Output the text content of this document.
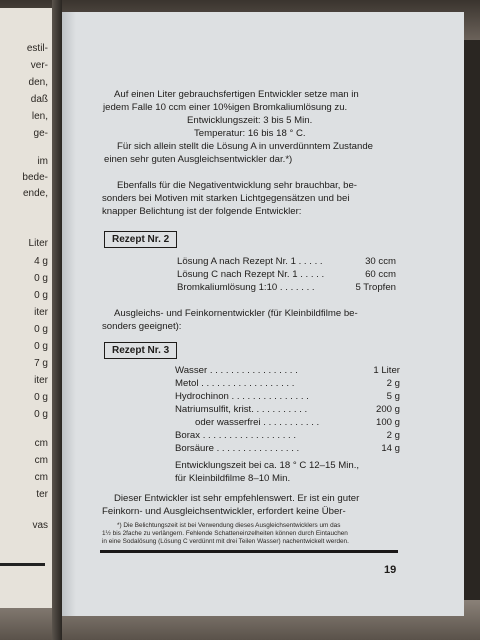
estil-
ver-
den,
daß
len,
ge-
im
bede-
ende,
Liter
4 g
0 g
0 g
iter
0 g
0 g
7 g
iter
0 g
0 g
cm
cm
cm
ter
vas
Auf einen Liter gebrauchsfertigen Entwickler setze man in
jedem Falle 10 ccm einer 10%igen Bromkaliumlösung zu.
Entwicklungszeit: 3 bis 5 Min.
Temperatur: 16 bis 18 ° C.
Für sich allein stellt die Lösung A in unverdünntem Zustande
einen sehr guten Ausgleichsentwickler dar.*)
Ebenfalls für die Negativentwicklung sehr brauchbar, be-
sonders bei Motiven mit starken Lichtgegensätzen und bei
knapper Belichtung ist der folgende Entwickler:
Rezept Nr. 2
Lösung A nach Rezept Nr. 1 . . . . .	30 ccm
Lösung C nach Rezept Nr. 1 . . . . .	60 ccm
Bromkaliumlösung 1:10 . . . . . . .	5 Tropfen
Ausgleichs- und Feinkornentwickler (für Kleinbildfilme be-
sonders geeignet):
Rezept Nr. 3
Wasser . . . . . . . . . . . . . . . . .	1 Liter
Metol . . . . . . . . . . . . . . . . . .	2 g
Hydrochinon . . . . . . . . . . . . . . .	5 g
Natriumsulfit, krist. . . . . . . . . . .	200 g
oder wasserfrei . . . . . . . . . . .	100 g
Borax . . . . . . . . . . . . . . . . . .	2 g
Borsäure . . . . . . . . . . . . . . . .	14 g
Entwicklungszeit bei ca. 18 ° C 12–15 Min.,
für Kleinbildfilme 8–10 Min.
Dieser Entwickler ist sehr empfehlenswert. Er ist ein guter
Feinkorn- und Ausgleichsentwickler, erfordert keine Über-
*) Die Belichtungszeit ist bei Verwendung dieses Ausgleichsentwicklers um das
1½ bis 2fache zu verlängern. Fehlende Schatteneinzelheiten können durch Eintauchen
in eine Sodalösung (Lösung C verdünnt mit drei Teilen Wasser) nachentwickelt werden.
19
